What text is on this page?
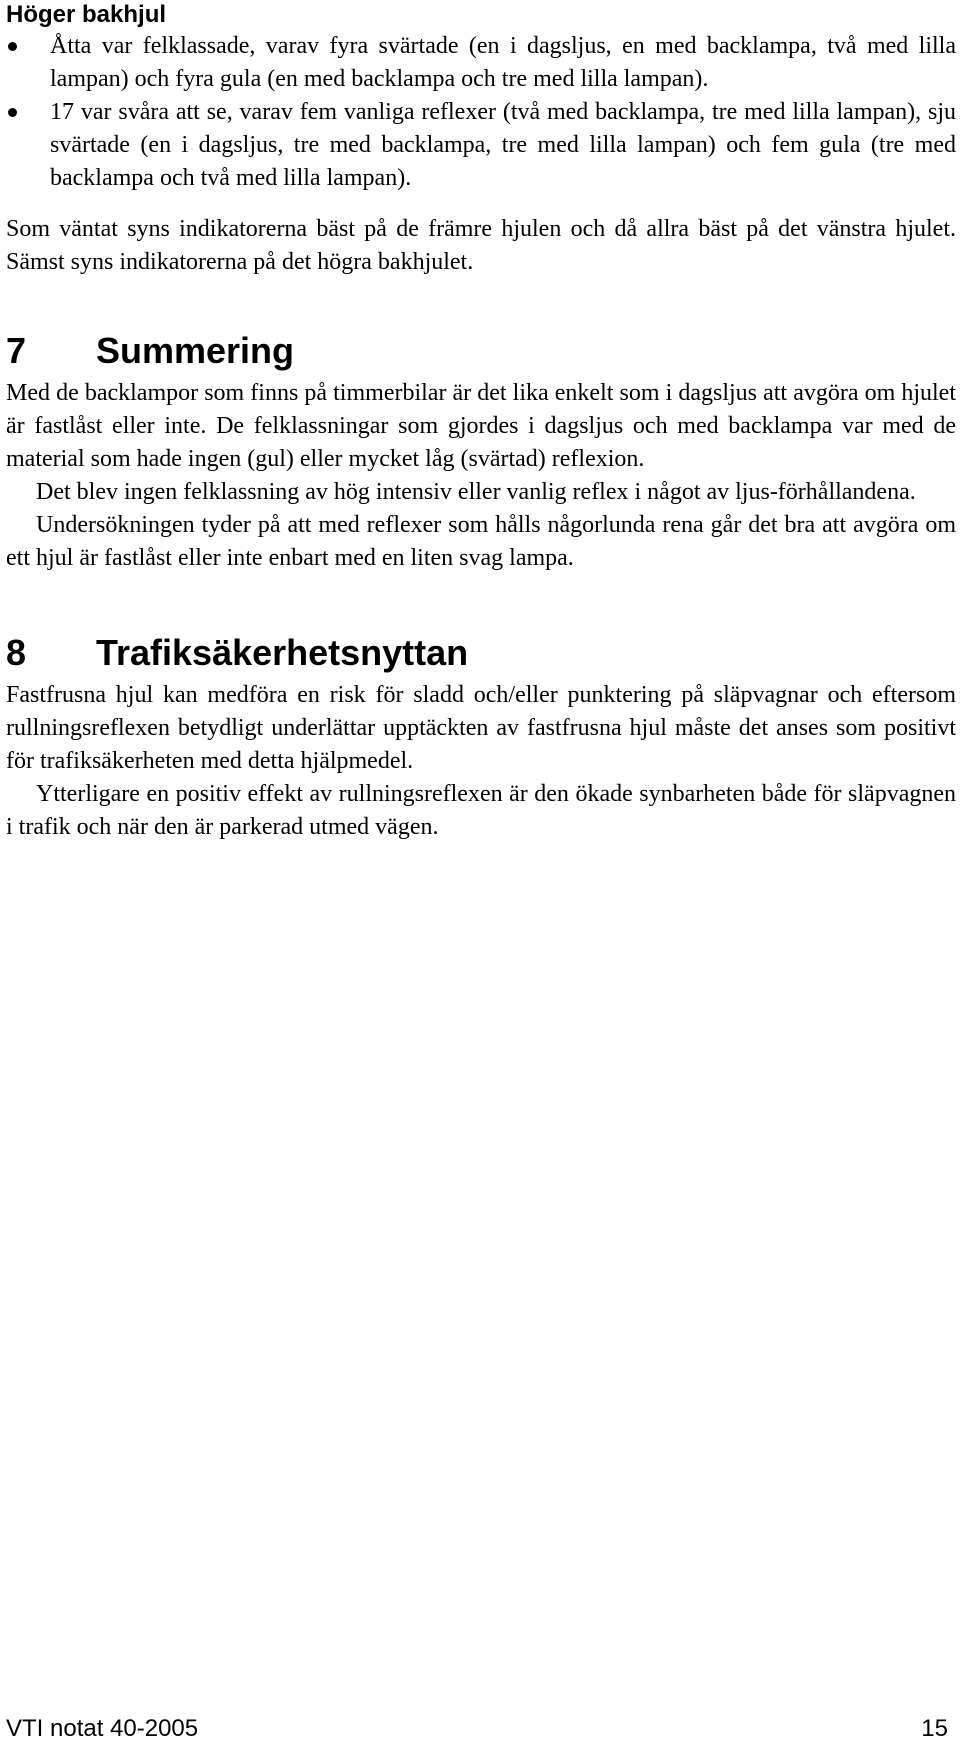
Höger bakhjul
Åtta var felklassade, varav fyra svärtade (en i dagsljus, en med backlampa, två med lilla lampan) och fyra gula (en med backlampa och tre med lilla lampan).
17 var svåra att se, varav fem vanliga reflexer (två med backlampa, tre med lilla lampan), sju svärtade (en i dagsljus, tre med backlampa, tre med lilla lampan) och fem gula (tre med backlampa och två med lilla lampan).

Som väntat syns indikatorerna bäst på de främre hjulen och då allra bäst på det vänstra hjulet. Sämst syns indikatorerna på det högra bakhjulet.

7	Summering

Med de backlampor som finns på timmerbilar är det lika enkelt som i dagsljus att avgöra om hjulet är fastlåst eller inte. De felklassningar som gjordes i dagsljus och med backlampa var med de material som hade ingen (gul) eller mycket låg (svärtad) reflexion.

Det blev ingen felklassning av hög intensiv eller vanlig reflex i något av ljus-förhållandena.

Undersökningen tyder på att med reflexer som hålls någorlunda rena går det bra att avgöra om ett hjul är fastlåst eller inte enbart med en liten svag lampa.

8	Trafiksäkerhetsnyttan

Fastfrusna hjul kan medföra en risk för sladd och/eller punktering på släpvagnar och eftersom rullningsreflexen betydligt underlättar upptäckten av fastfrusna hjul måste det anses som positivt för trafiksäkerheten med detta hjälpmedel.

Ytterligare en positiv effekt av rullningsreflexen är den ökade synbarheten både för släpvagnen i trafik och när den är parkerad utmed vägen.

VTI notat 40-2005	15
